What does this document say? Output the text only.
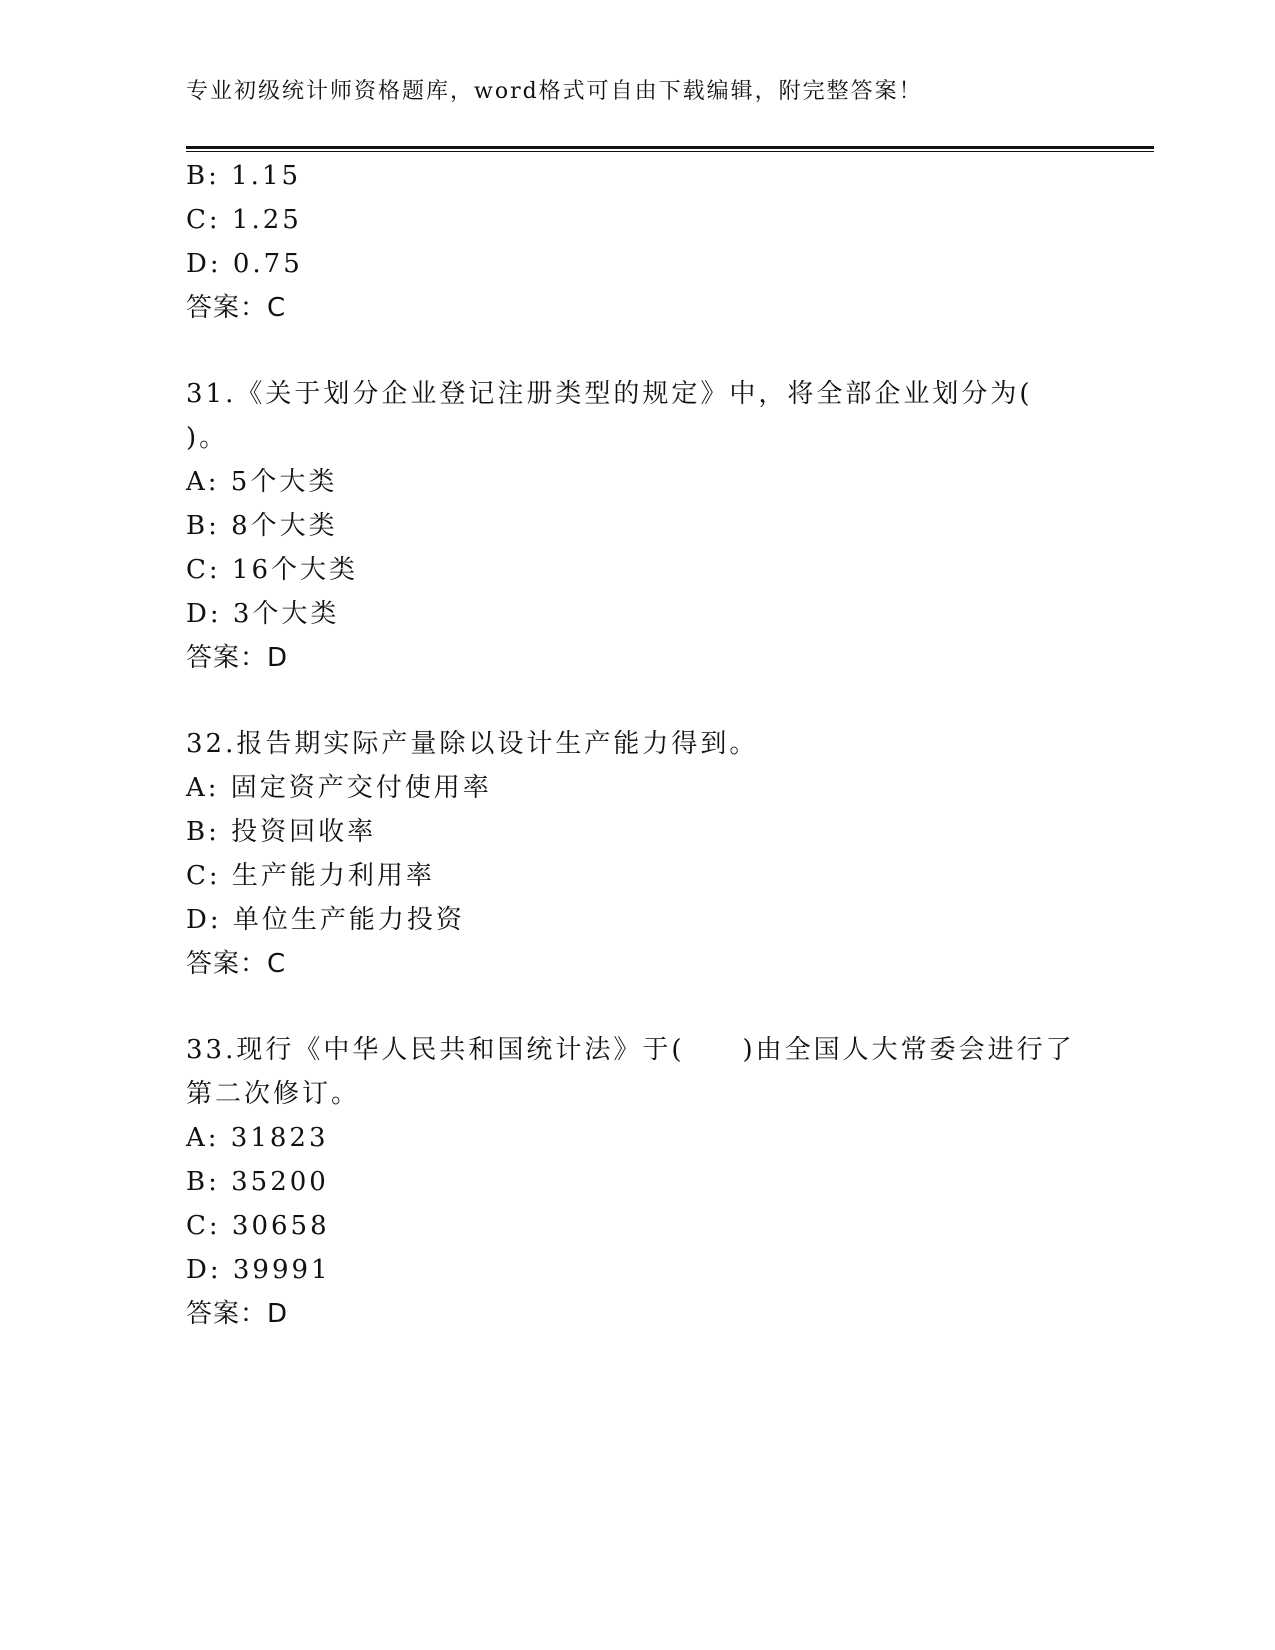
专业初级统计师资格题库，word格式可自由下载编辑，附完整答案！
B: 1.15
C: 1.25
D: 0.75
答案：C
31.《关于划分企业登记注册类型的规定》中，将全部企业划分为(
)。
A: 5个大类
B: 8个大类
C: 16个大类
D: 3个大类
答案：D
32.报告期实际产量除以设计生产能力得到。
A: 固定资产交付使用率
B: 投资回收率
C: 生产能力利用率
D: 单位生产能力投资
答案：C
33.现行《中华人民共和国统计法》于(　　)由全国人大常委会进行了
第二次修订。
A: 31823
B: 35200
C: 30658
D: 39991
答案：D
